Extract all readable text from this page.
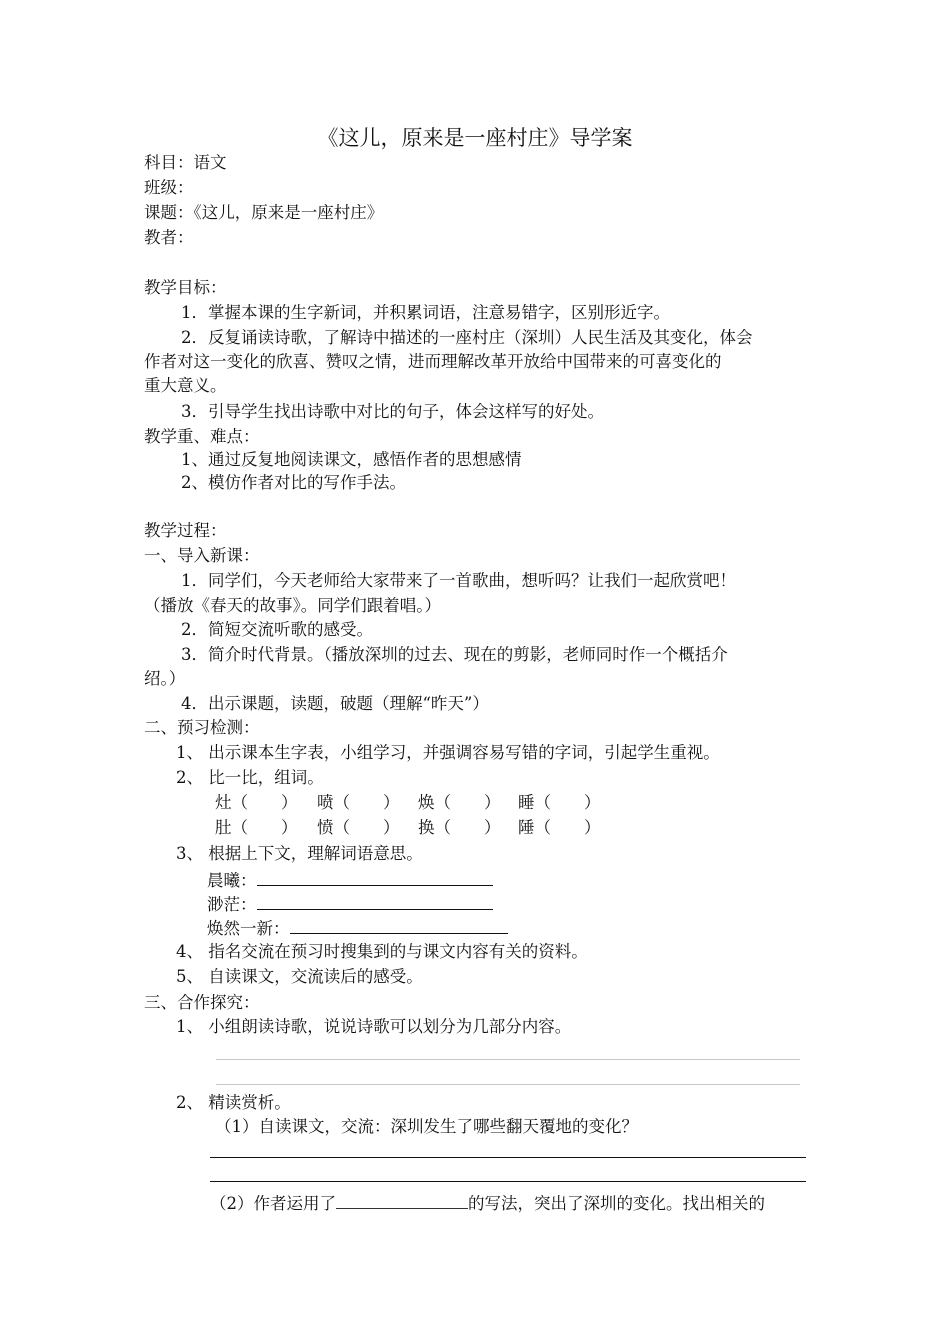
《这儿，原来是一座村庄》导学案
科目：语文
班级：
课题：《这儿，原来是一座村庄》
教者：
教学目标：
1．掌握本课的生字新词，并积累词语，注意易错字，区别形近字。
2．反复诵读诗歌，了解诗中描述的一座村庄（深圳）人民生活及其变化，体会
作者对这一变化的欣喜、赞叹之情，进而理解改革开放给中国带来的可喜变化的
重大意义。
3．引导学生找出诗歌中对比的句子，体会这样写的好处。
教学重、难点：
1、通过反复地阅读课文，感悟作者的思想感情
2、模仿作者对比的写作手法。
教学过程：
一、导入新课：
1．同学们，今天老师给大家带来了一首歌曲，想听吗？让我们一起欣赏吧！
（播放《春天的故事》。同学们跟着唱。）
2．简短交流听歌的感受。
3．简介时代背景。（播放深圳的过去、现在的剪影，老师同时作一个概括介
绍。）
4．出示课题，读题，破题（理解“昨天”）
二、预习检测：
1、 出示课本生字表，小组学习，并强调容易写错的字词，引起学生重视。
2、 比一比，组词。
灶（　　） 喷（　　） 焕（　　） 睡（　　）
肚（　　） 愤（　　） 换（　　） 陲（　　）
3、 根据上下文，理解词语意思。
晨曦：
渺茫：
焕然一新：
4、 指名交流在预习时搜集到的与课文内容有关的资料。
5、 自读课文，交流读后的感受。
三、合作探究：
1、 小组朗读诗歌，说说诗歌可以划分为几部分内容。
2、 精读赏析。
（1）自读课文，交流：深圳发生了哪些翻天覆地的变化？
（2）作者运用了	的写法，突出了深圳的变化。找出相关的
